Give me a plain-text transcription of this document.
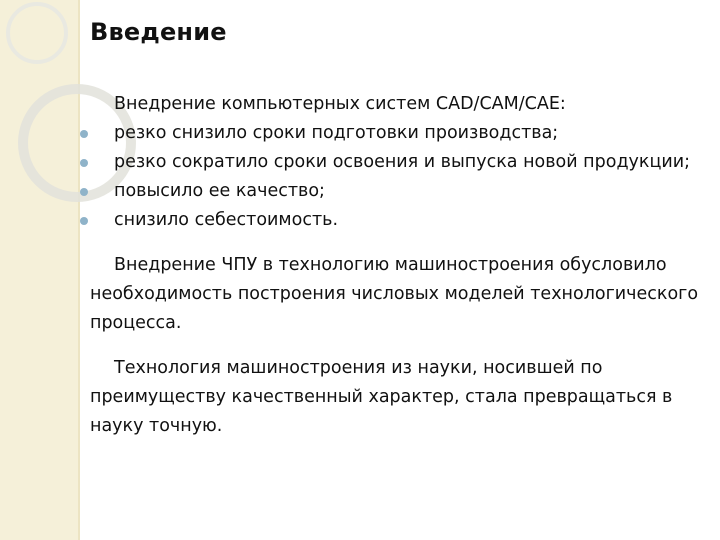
Введение

Внедрение компьютерных систем CAD/CAM/CAE:

резко снизило сроки подготовки производства;
резко сократило сроки освоения и выпуска новой продукции;
повысило ее качество;
снизило себестоимость.

Внедрение ЧПУ в технологию машиностроения обусловило необходимость построения числовых моделей технологического процесса.

Технология машиностроения из науки, носившей по преимуществу качественный характер, стала превращаться в науку точную.
